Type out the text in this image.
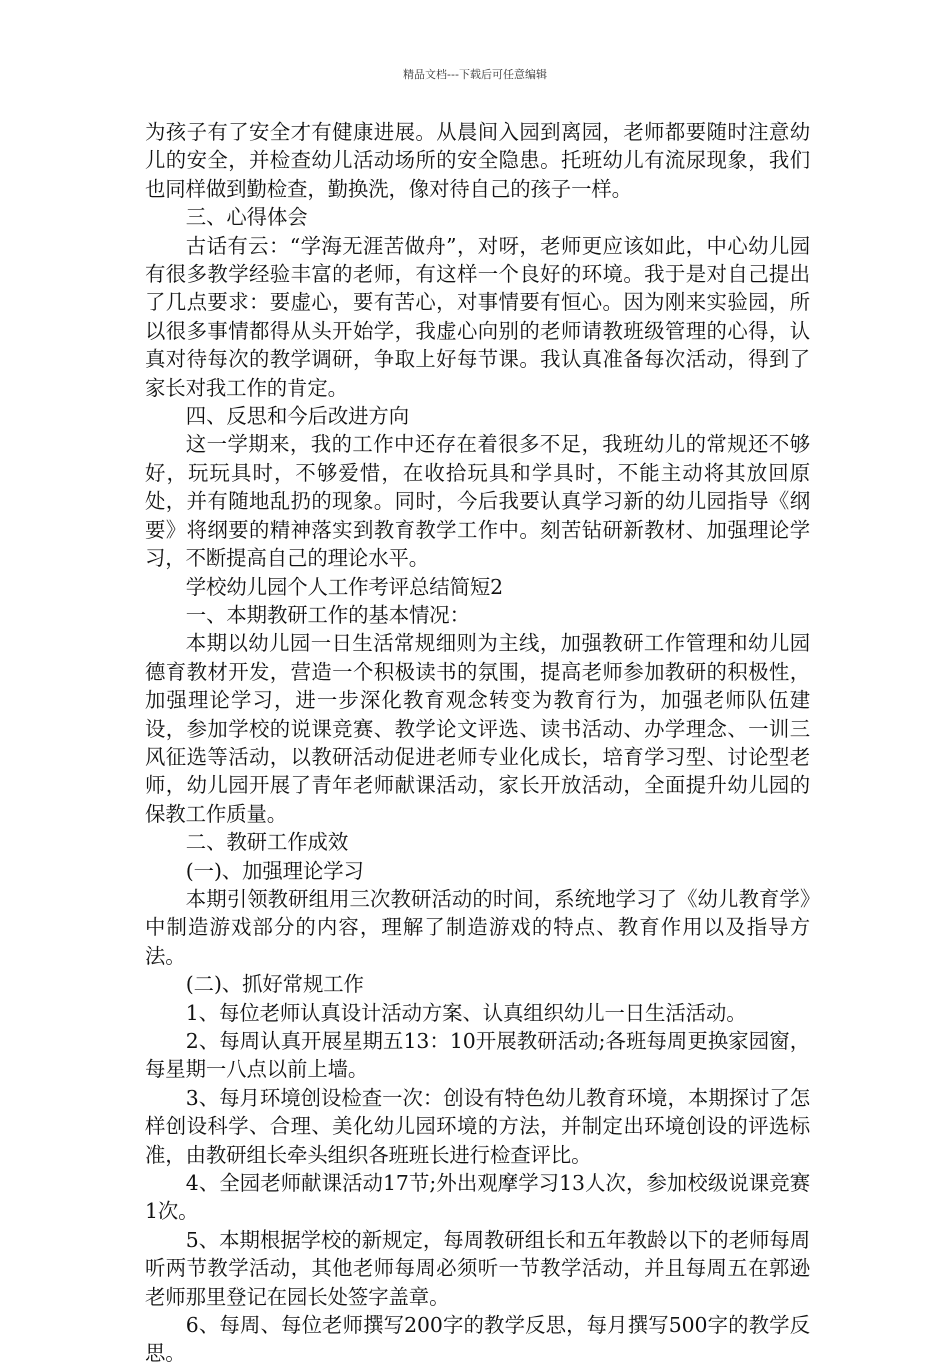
精品文档---下载后可任意编辑

为孩子有了安全才有健康进展。从晨间入园到离园，老师都要随时注意幼儿的安全，并检查幼儿活动场所的安全隐患。托班幼儿有流尿现象，我们也同样做到勤检查，勤换洗，像对待自己的孩子一样。

三、心得体会

古话有云：“学海无涯苦做舟”，对呀，老师更应该如此，中心幼儿园有很多教学经验丰富的老师，有这样一个良好的环境。我于是对自己提出了几点要求：要虚心，要有苦心，对事情要有恒心。因为刚来实验园，所以很多事情都得从头开始学，我虚心向别的老师请教班级管理的心得，认真对待每次的教学调研，争取上好每节课。我认真准备每次活动，得到了家长对我工作的肯定。

四、反思和今后改进方向

这一学期来，我的工作中还存在着很多不足，我班幼儿的常规还不够好，玩玩具时，不够爱惜，在收拾玩具和学具时，不能主动将其放回原处，并有随地乱扔的现象。同时，今后我要认真学习新的幼儿园指导《纲要》将纲要的精神落实到教育教学工作中。刻苦钻研新教材、加强理论学习，不断提高自己的理论水平。

学校幼儿园个人工作考评总结简短2

一、本期教研工作的基本情况：

本期以幼儿园一日生活常规细则为主线，加强教研工作管理和幼儿园德育教材开发，营造一个积极读书的氛围，提高老师参加教研的积极性，加强理论学习，进一步深化教育观念转变为教育行为，加强老师队伍建设，参加学校的说课竞赛、教学论文评选、读书活动、办学理念、一训三风征选等活动，以教研活动促进老师专业化成长，培育学习型、讨论型老师，幼儿园开展了青年老师献课活动，家长开放活动，全面提升幼儿园的保教工作质量。

二、教研工作成效

(一)、加强理论学习

本期引领教研组用三次教研活动的时间，系统地学习了《幼儿教育学》中制造游戏部分的内容，理解了制造游戏的特点、教育作用以及指导方法。

(二)、抓好常规工作

1、每位老师认真设计活动方案、认真组织幼儿一日生活活动。

2、每周认真开展星期五13：10开展教研活动;各班每周更换家园窗，每星期一八点以前上墙。

3、每月环境创设检查一次：创设有特色幼儿教育环境，本期探讨了怎样创设科学、合理、美化幼儿园环境的方法，并制定出环境创设的评选标准，由教研组长牵头组织各班班长进行检查评比。

4、全园老师献课活动17节;外出观摩学习13人次，参加校级说课竞赛1次。

5、本期根据学校的新规定，每周教研组长和五年教龄以下的老师每周听两节教学活动，其他老师每周必须听一节教学活动，并且每周五在郭逊老师那里登记在园长处签字盖章。

6、每周、每位老师撰写200字的教学反思，每月撰写500字的教学反思。
